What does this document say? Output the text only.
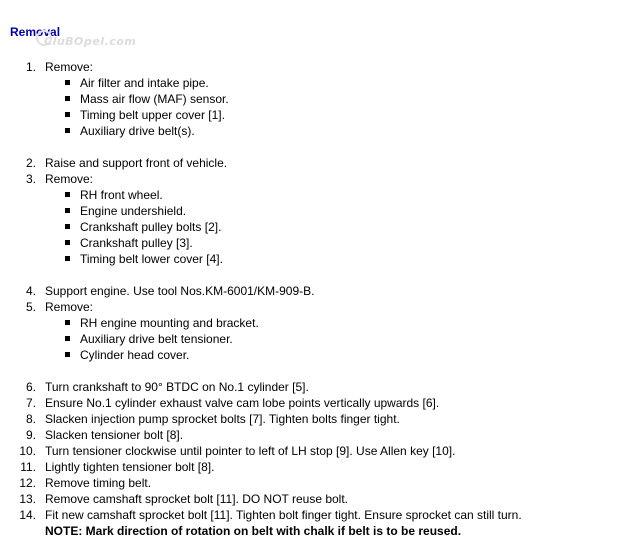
Removal
CluBOpel.com
1. Remove:
Air filter and intake pipe.
Mass air flow (MAF) sensor.
Timing belt upper cover [1].
Auxiliary drive belt(s).
2. Raise and support front of vehicle.
3. Remove:
RH front wheel.
Engine undershield.
Crankshaft pulley bolts [2].
Crankshaft pulley [3].
Timing belt lower cover [4].
4. Support engine. Use tool Nos.KM-6001/KM-909-B.
5. Remove:
RH engine mounting and bracket.
Auxiliary drive belt tensioner.
Cylinder head cover.
6. Turn crankshaft to 90° BTDC on No.1 cylinder [5].
7. Ensure No.1 cylinder exhaust valve cam lobe points vertically upwards [6].
8. Slacken injection pump sprocket bolts [7]. Tighten bolts finger tight.
9. Slacken tensioner bolt [8].
10. Turn tensioner clockwise until pointer to left of LH stop [9]. Use Allen key [10].
11. Lightly tighten tensioner bolt [8].
12. Remove timing belt.
13. Remove camshaft sprocket bolt [11]. DO NOT reuse bolt.
14. Fit new camshaft sprocket bolt [11]. Tighten bolt finger tight. Ensure sprocket can still turn.
NOTE: Mark direction of rotation on belt with chalk if belt is to be reused.
